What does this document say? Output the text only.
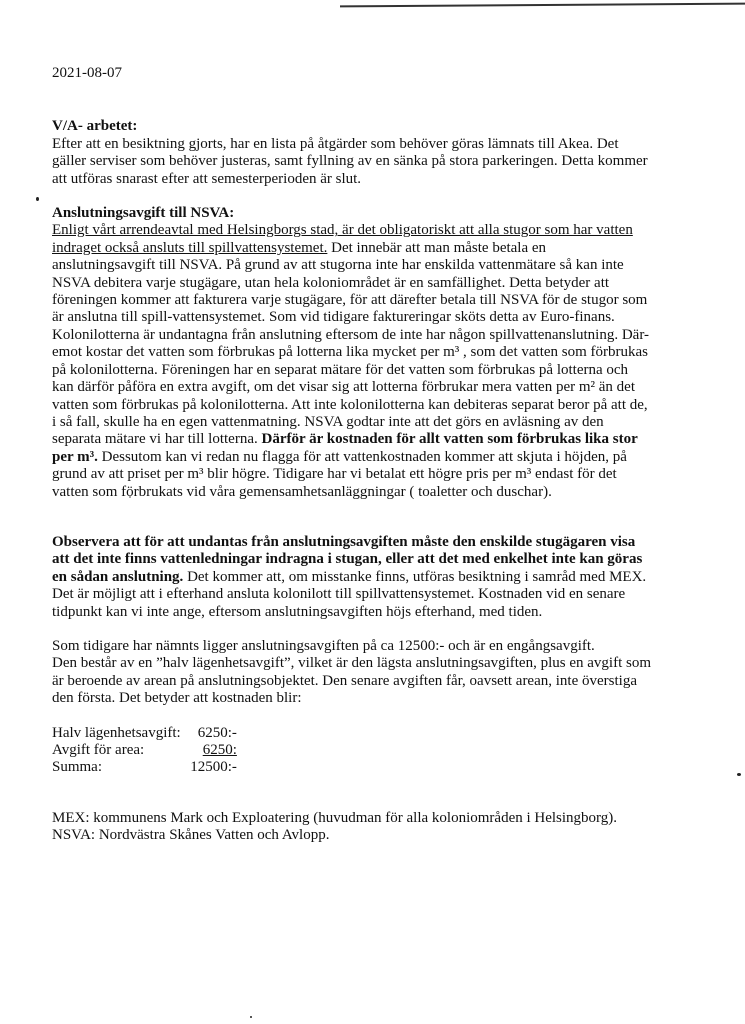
2021-08-07

V/A- arbetet:

Efter att en besiktning gjorts, har en lista på åtgärder som behöver göras lämnats till Akea. Det gäller serviser som behöver justeras, samt fyllning av en sänka på stora parkeringen. Detta kommer att utföras snarast efter att semesterperioden är slut.

Anslutningsavgift till NSVA:

Enligt vårt arrendeavtal med Helsingborgs stad, är det obligatoriskt att alla stugor som har vatten indraget också ansluts till spillvattensystemet. Det innebär att man måste betala en anslutningsavgift till NSVA. På grund av att stugorna inte har enskilda vattenmätare så kan inte NSVA debitera varje stugägare, utan hela koloniområdet är en samfällighet. Detta betyder att föreningen kommer att fakturera varje stugägare, för att därefter betala till NSVA för de stugor som är anslutna till spill-vattensystemet. Som vid tidigare faktureringar sköts detta av Euro-finans.

Kolonilotterna är undantagna från anslutning eftersom de inte har någon spillvattenanslutning. Där-emot kostar det vatten som förbrukas på lotterna lika mycket per m³ , som det vatten som förbrukas på kolonilotterna. Föreningen har en separat mätare för det vatten som förbrukas på lotterna och kan därför påföra en extra avgift, om det visar sig att lotterna förbrukar mera vatten per m² än det vatten som förbrukas på kolonilotterna. Att inte kolonilotterna kan debiteras separat beror på att de, i så fall, skulle ha en egen vattenmatning. NSVA godtar inte att det görs en avläsning av den separata mätare vi har till lotterna. Därför är kostnaden för allt vatten som förbrukas lika stor per m³. Dessutom kan vi redan nu flagga för att vattenkostnaden kommer att skjuta i höjden, på grund av att priset per m³ blir högre. Tidigare har vi betalat ett högre pris per m³ endast för det vatten som förbrukats vid våra gemensamhetsanläggningar ( toaletter och duschar).

Observera att för att undantas från anslutningsavgiften måste den enskilde stugägaren visa att det inte finns vattenledningar indragna i stugan, eller att det med enkelhet inte kan göras en sådan anslutning. Det kommer att, om misstanke finns, utföras besiktning i samråd med MEX. Det är möjligt att i efterhand ansluta kolonilott till spillvattensystemet. Kostnaden vid en senare tidpunkt kan vi inte ange, eftersom anslutningsavgiften höjs efterhand, med tiden.

Som tidigare har nämnts ligger anslutningsavgiften på ca 12500:- och är en engångsavgift.

Den består av en ”halv lägenhetsavgift”, vilket är den lägsta anslutningsavgiften, plus en avgift som är beroende av arean på anslutningsobjektet. Den senare avgiften får, oavsett arean, inte överstiga den första. Det betyder att kostnaden blir:

Halv lägenhetsavgift:	6250:-
Avgift för area:	6250:
Summa:	12500:-

MEX: kommunens Mark och Exploatering (huvudman för alla koloniområden i Helsingborg).

NSVA: Nordvästra Skånes Vatten och Avlopp.
